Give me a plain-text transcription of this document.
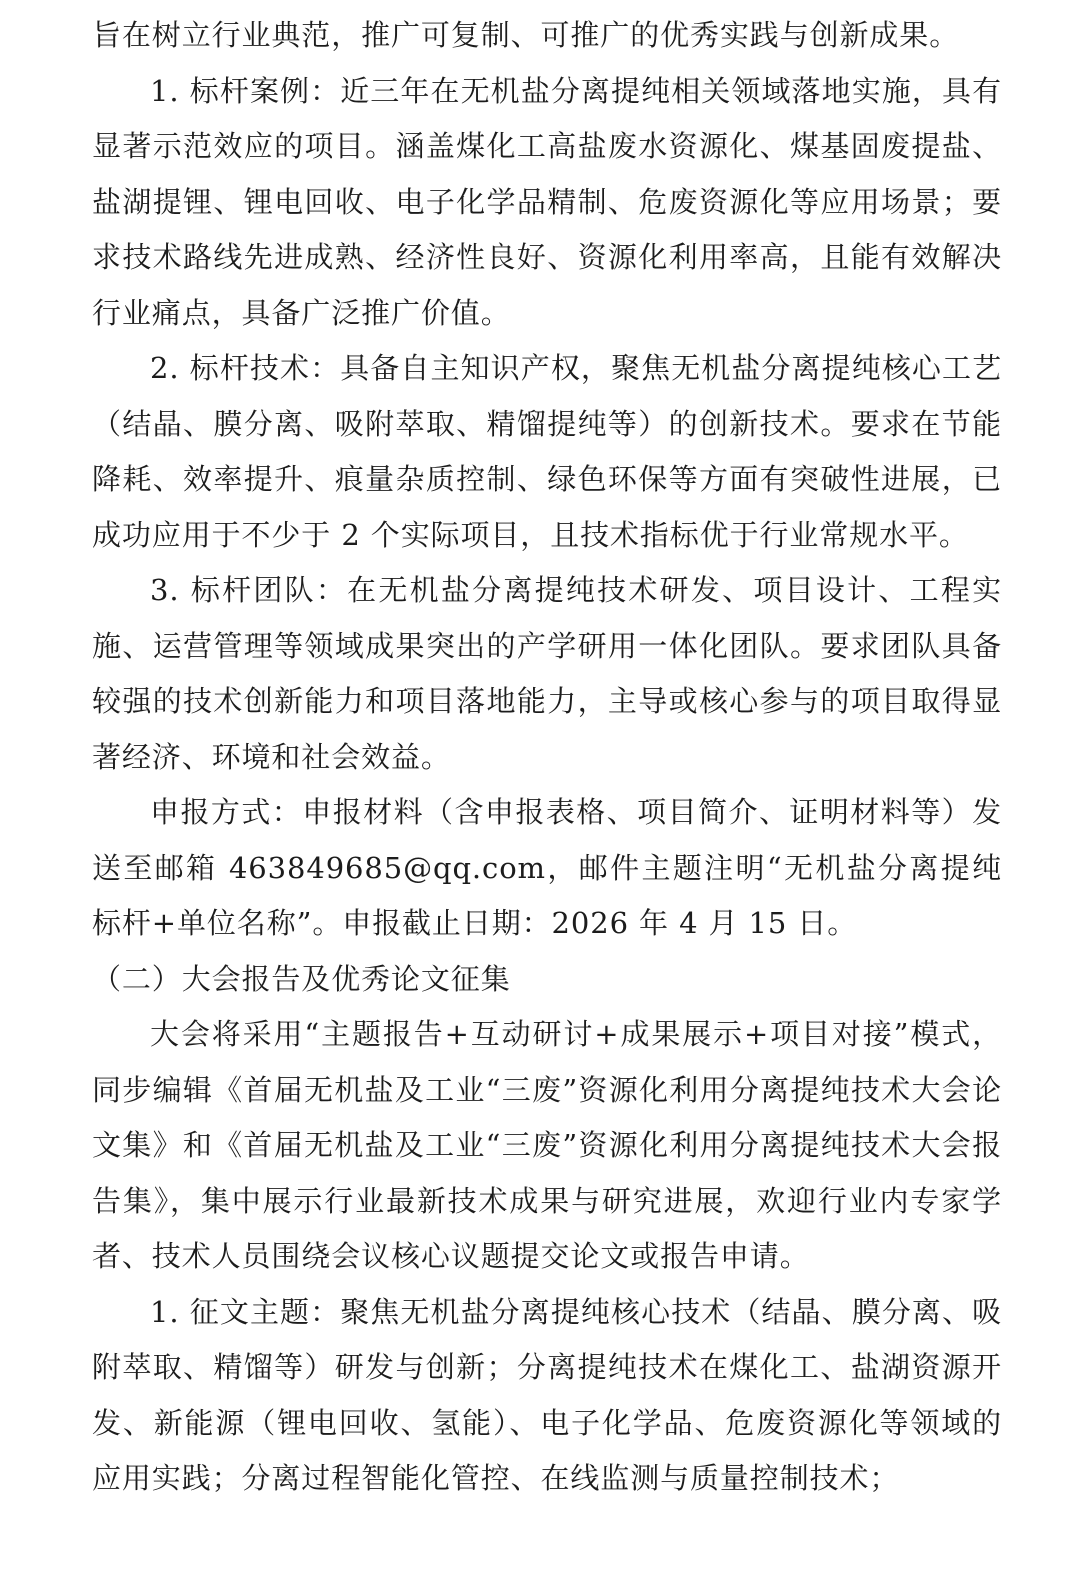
旨在树立行业典范，推广可复制、可推广的优秀实践与创新成果。

1. 标杆案例：近三年在无机盐分离提纯相关领域落地实施，具有显著示范效应的项目。涵盖煤化工高盐废水资源化、煤基固废提盐、盐湖提锂、锂电回收、电子化学品精制、危废资源化等应用场景；要求技术路线先进成熟、经济性良好、资源化利用率高，且能有效解决行业痛点，具备广泛推广价值。

2. 标杆技术：具备自主知识产权，聚焦无机盐分离提纯核心工艺（结晶、膜分离、吸附萃取、精馏提纯等）的创新技术。要求在节能降耗、效率提升、痕量杂质控制、绿色环保等方面有突破性进展，已成功应用于不少于 2 个实际项目，且技术指标优于行业常规水平。

3. 标杆团队：在无机盐分离提纯技术研发、项目设计、工程实施、运营管理等领域成果突出的产学研用一体化团队。要求团队具备较强的技术创新能力和项目落地能力，主导或核心参与的项目取得显著经济、环境和社会效益。

申报方式：申报材料（含申报表格、项目简介、证明材料等）发送至邮箱 463849685@qq.com，邮件主题注明“无机盐分离提纯标杆+单位名称”。申报截止日期：2026 年 4 月 15 日。

（二）大会报告及优秀论文征集

大会将采用“主题报告+互动研讨+成果展示+项目对接”模式，同步编辑《首届无机盐及工业“三废”资源化利用分离提纯技术大会论文集》和《首届无机盐及工业“三废”资源化利用分离提纯技术大会报告集》，集中展示行业最新技术成果与研究进展，欢迎行业内专家学者、技术人员围绕会议核心议题提交论文或报告申请。

1. 征文主题：聚焦无机盐分离提纯核心技术（结晶、膜分离、吸附萃取、精馏等）研发与创新；分离提纯技术在煤化工、盐湖资源开发、新能源（锂电回收、氢能）、电子化学品、危废资源化等领域的应用实践；分离过程智能化管控、在线监测与质量控制技术；
